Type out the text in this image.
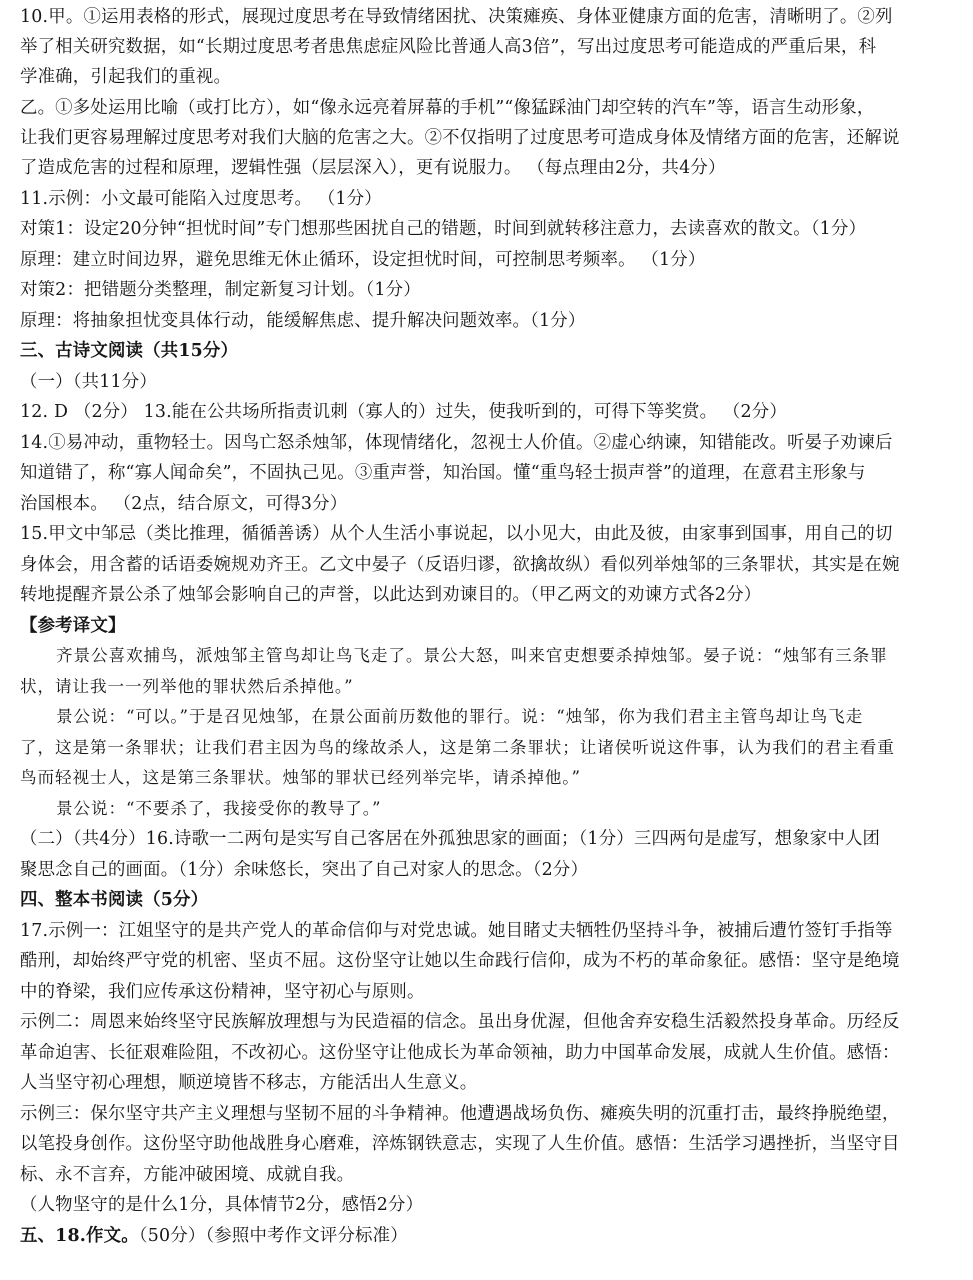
10.甲。①运用表格的形式，展现过度思考在导致情绪困扰、决策瘫痪、身体亚健康方面的危害，清晰明了。②列
举了相关研究数据，如“长期过度思考者患焦虑症风险比普通人高3倍”，写出过度思考可能造成的严重后果，科
学准确，引起我们的重视。
乙。①多处运用比喻（或打比方），如“像永远亮着屏幕的手机”“像猛踩油门却空转的汽车”等，语言生动形象，
让我们更容易理解过度思考对我们大脑的危害之大。②不仅指明了过度思考可造成身体及情绪方面的危害，还解说
了造成危害的过程和原理，逻辑性强（层层深入），更有说服力。 （每点理由2分，共4分）
11.示例：小文最可能陷入过度思考。 （1分）
对策1：设定20分钟“担忧时间”专门想那些困扰自己的错题，时间到就转移注意力，去读喜欢的散文。（1分）
原理：建立时间边界，避免思维无休止循环，设定担忧时间，可控制思考频率。 （1分）
对策2：把错题分类整理，制定新复习计划。（1分）
原理：将抽象担忧变具体行动，能缓解焦虑、提升解决问题效率。（1分）
三、古诗文阅读（共15分）
（一）（共11分）
12. D （2分） 13.能在公共场所指责讥刺（寡人的）过失，使我听到的，可得下等奖赏。 （2分）
14.①易冲动，重物轻士。因鸟亡怒杀烛邹，体现情绪化，忽视士人价值。②虚心纳谏，知错能改。听晏子劝谏后
知道错了，称“寡人闻命矣”，不固执己见。③重声誉，知治国。懂“重鸟轻士损声誉”的道理，在意君主形象与
治国根本。 （2点，结合原文，可得3分）
15.甲文中邹忌（类比推理，循循善诱）从个人生活小事说起，以小见大，由此及彼，由家事到国事，用自己的切
身体会，用含蓄的话语委婉规劝齐王。乙文中晏子（反语归谬，欲擒故纵）看似列举烛邹的三条罪状，其实是在婉
转地提醒齐景公杀了烛邹会影响自己的声誉，以此达到劝谏目的。（甲乙两文的劝谏方式各2分）
【参考译文】
齐景公喜欢捕鸟，派烛邹主管鸟却让鸟飞走了。景公大怒，叫来官吏想要杀掉烛邹。晏子说：“烛邹有三条罪
状，请让我一一列举他的罪状然后杀掉他。”
景公说：“可以。”于是召见烛邹，在景公面前历数他的罪行。说：“烛邹，你为我们君主主管鸟却让鸟飞走
了，这是第一条罪状；让我们君主因为鸟的缘故杀人，这是第二条罪状；让诸侯听说这件事，认为我们的君主看重
鸟而轻视士人，这是第三条罪状。烛邹的罪状已经列举完毕，请杀掉他。”
景公说：“不要杀了，我接受你的教导了。”
（二）（共4分）16.诗歌一二两句是实写自己客居在外孤独思家的画面；（1分）三四两句是虚写，想象家中人团
聚思念自己的画面。（1分）余味悠长，突出了自己对家人的思念。（2分）
四、整本书阅读（5分）
17.示例一：江姐坚守的是共产党人的革命信仰与对党忠诚。她目睹丈夫牺牲仍坚持斗争，被捕后遭竹签钉手指等
酷刑，却始终严守党的机密、坚贞不屈。这份坚守让她以生命践行信仰，成为不朽的革命象征。感悟：坚守是绝境
中的脊梁，我们应传承这份精神，坚守初心与原则。
示例二：周恩来始终坚守民族解放理想与为民造福的信念。虽出身优渥，但他舍弃安稳生活毅然投身革命。历经反
革命迫害、长征艰难险阻，不改初心。这份坚守让他成长为革命领袖，助力中国革命发展，成就人生价值。感悟：
人当坚守初心理想，顺逆境皆不移志，方能活出人生意义。
示例三：保尔坚守共产主义理想与坚韧不屈的斗争精神。他遭遇战场负伤、瘫痪失明的沉重打击，最终挣脱绝望，
以笔投身创作。这份坚守助他战胜身心磨难，淬炼钢铁意志，实现了人生价值。感悟：生活学习遇挫折，当坚守目
标、永不言弃，方能冲破困境、成就自我。
（人物坚守的是什么1分，具体情节2分，感悟2分）
五、18.作文。（50分）（参照中考作文评分标准）
